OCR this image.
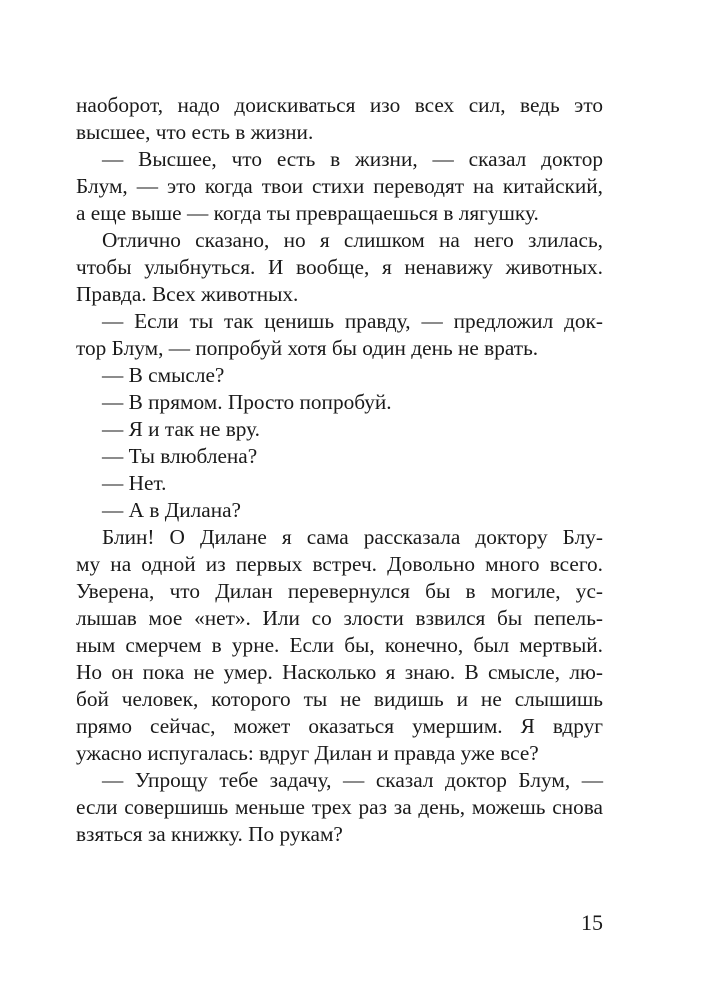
наоборот, надо доискиваться изо всех сил, ведь это
высшее, что есть в жизни.
— Высшее, что есть в жизни, — сказал доктор
Блум, — это когда твои стихи переводят на китайский,
а еще выше — когда ты превращаешься в лягушку.
Отлично сказано, но я слишком на него злилась,
чтобы улыбнуться. И вообще, я ненавижу животных.
Правда. Всех животных.
— Если ты так ценишь правду, — предложил док-
тор Блум, — попробуй хотя бы один день не врать.
— В смысле?
— В прямом. Просто попробуй.
— Я и так не вру.
— Ты влюблена?
— Нет.
— А в Дилана?
Блин! О Дилане я сама рассказала доктору Блу-
му на одной из первых встреч. Довольно много всего.
Уверена, что Дилан перевернулся бы в могиле, ус-
лышав мое «нет». Или со злости взвился бы пепель-
ным смерчем в урне. Если бы, конечно, был мертвый.
Но он пока не умер. Насколько я знаю. В смысле, лю-
бой человек, которого ты не видишь и не слышишь
прямо сейчас, может оказаться умершим. Я вдруг
ужасно испугалась: вдруг Дилан и правда уже все?
— Упрощу тебе задачу, — сказал доктор Блум, —
если совершишь меньше трех раз за день, можешь снова
взяться за книжку. По рукам?
15
